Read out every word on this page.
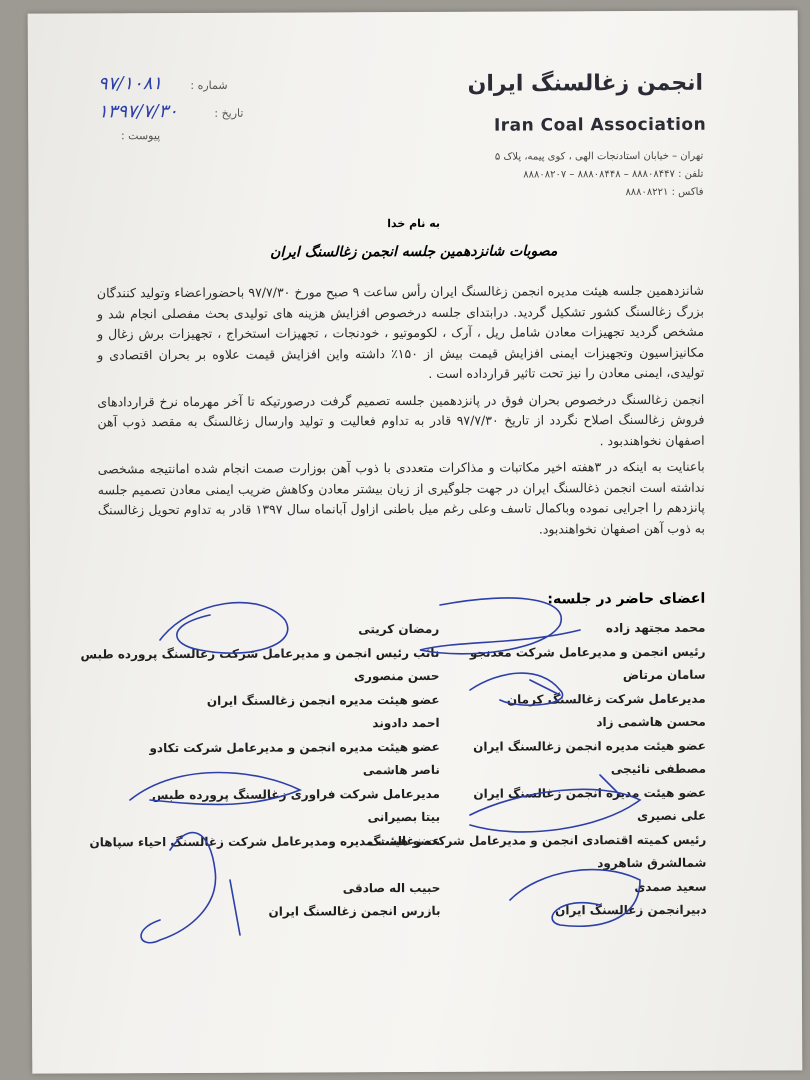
انجمن زغالسنگ ایران
Iran Coal Association
تهران – خیابان استادنجات الهی ، کوی پیمه، پلاک ۵
تلفن : ۸۸۸۰۸۴۴۷ – ۸۸۸۰۸۴۴۸ – ۸۸۸۰۸۲۰۷
فاکس : ۸۸۸۰۸۲۲۱
شماره : ۹۷/۱۰۸۱
تاریخ : ۱۳۹۷/۷/۳۰
پیوست :
به نام خدا
مصوبات شانزدهمین جلسه انجمن زغالسنگ ایران

شانزدهمین جلسه هیئت مدیره انجمن زغالسنگ ایران رأس ساعت ۹ صبح مورخ ۹۷/۷/۳۰ باحضوراعضاء وتولید کنندگان بزرگ زغالسنگ کشور تشکیل گردید. درابتدای جلسه درخصوص افزایش هزینه های تولیدی بحث مفصلی انجام شد و مشخص گردید تجهیزات معادن شامل ریل ، آرک ، لکوموتیو ، خودنجات ، تجهیزات استخراج ، تجهیزات برش زغال و مکانیزاسیون وتجهیزات ایمنی افزایش قیمت بیش از ۱۵۰٪ داشته واین افزایش قیمت علاوه بر بحران اقتصادی و تولیدی، ایمنی معادن را نیز تحت تاثیر قرارداده است .

انجمن زغالسنگ درخصوص بحران فوق در پانزدهمین جلسه تصمیم گرفت درصورتیکه تا آخر مهرماه نرخ قراردادهای فروش زغالسنگ اصلاح نگردد از تاریخ ۹۷/۷/۳۰ قادر به تداوم فعالیت و تولید وارسال زغالسنگ به مقصد ذوب آهن اصفهان نخواهندبود .

باعنایت به اینکه در ۳هفته اخیر مکاتبات و مذاکرات متعددی با ذوب آهن بوزارت صمت انجام شده امانتیجه مشخصی نداشته است انجمن ذغالسنگ ایران در جهت جلوگیری از زیان بیشتر معادن وکاهش ضریب ایمنی معادن تصمیم جلسه پانزدهم را اجرایی نموده وباکمال تاسف وعلی رغم میل باطنی ازاول آبانماه سال ۱۳۹۷ قادر به تداوم تحویل زغالسنگ به ذوب آهن اصفهان نخواهندبود.

اعضای حاضر در جلسه:
محمد مجتهد زاده
رئیس انجمن و مدیرعامل شرکت معدنجو
سامان مرتاض
مدیرعامل شرکت زغالسنگ کرمان
محسن هاشمی زاد
عضو هیئت مدیره انجمن زغالسنگ ایران
مصطفی نائیجی
عضو هیئت مدیره انجمن زغالسنگ ایران
علی نصیری
رئیس کمیته اقتصادی انجمن و مدیرعامل شرکت زغالسنگ
شمالشرق شاهرود
سعید صمدی
دبیرانجمن زغالسنگ ایران
رمضان کریتی
نائب رئیس انجمن و مدیرعامل شرکت زغالسنگ پرورده طبس
حسن منصوری
عضو هیئت مدیره انجمن زغالسنگ ایران
احمد دادوند
عضو هیئت مدیره انجمن و مدیرعامل شرکت تکادو
ناصر هاشمی
مدیرعامل شرکت فراوری زغالسنگ پرورده طبس
بیتا بصیرانی
عضو هیئت مدیره ومدیرعامل شرکت زغالسنگ احیاء سپاهان

حبیب اله صادقی
بازرس انجمن زغالسنگ ایران
